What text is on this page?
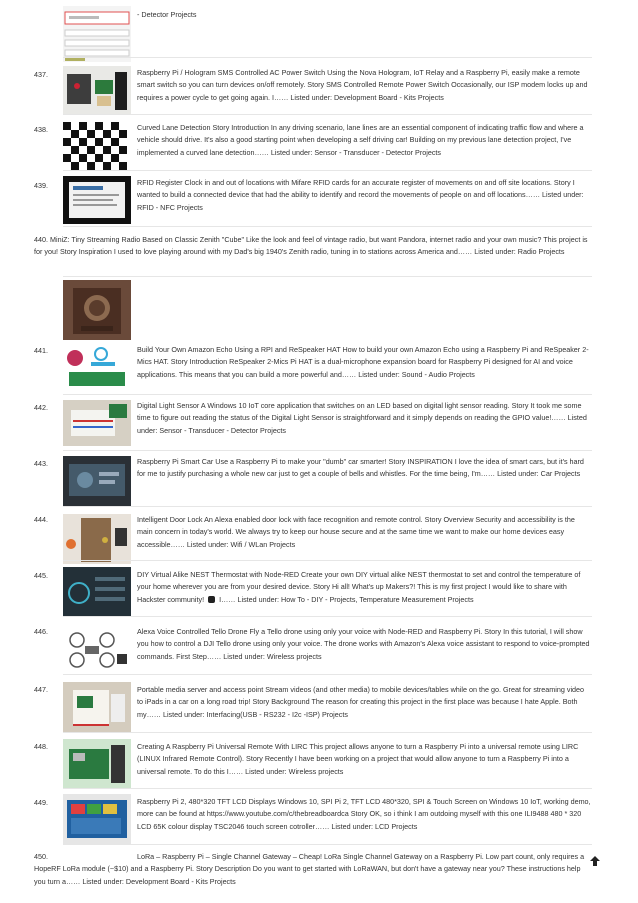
- Detector Projects
437.	Raspberry Pi / Hologram SMS Controlled AC Power Switch Using the Nova Hologram, IoT Relay and a Raspberry Pi, easily make a remote smart switch so you can turn devices on/off remotely. Story SMS Controlled Remote Power Switch Occasionally, our ISP modem locks up and requires a power cycle to get going again. I…… Listed under: Development Board - Kits Projects
438.	Curved Lane Detection Story Introduction In any driving scenario, lane lines are an essential component of indicating traffic flow and where a vehicle should drive. It's also a good starting point when developing a self driving car! Building on my previous lane detection project, I've implemented a curved lane detection…… Listed under: Sensor - Transducer - Detector Projects
439.	RFID Register Clock in and out of locations with Mifare RFID cards for an accurate register of movements on and off site locations. Story I wanted to build a connected device that had the ability to identify and record the movements of people on and off locations…… Listed under: RFID - NFC Projects
440. MiniZ: Tiny Streaming Radio Based on Classic Zenith "Cube" Like the look and feel of vintage radio, but want Pandora, internet radio and your own music? This project is for you! Story Inspiration I used to love playing around with my Dad's big 1940's Zenith radio, tuning in to stations across America and…… Listed under: Radio Projects
441.	Build Your Own Amazon Echo Using a RPI and ReSpeaker HAT How to build your own Amazon Echo using a Raspberry Pi and ReSpeaker 2-Mics HAT. Story Introduction ReSpeaker 2-Mics Pi HAT is a dual-microphone expansion board for Raspberry Pi designed for AI and voice applications. This means that you can build a more powerful and…… Listed under: Sound - Audio Projects
442.	Digital Light Sensor A Windows 10 IoT core application that switches on an LED based on digital light sensor reading. Story It took me some time to figure out reading the status of the Digital Light Sensor is straightforward and it simply depends on reading the GPIO value!…… Listed under: Sensor - Transducer - Detector Projects
443.	Raspberry Pi Smart Car Use a Raspberry Pi to make your "dumb" car smarter! Story INSPIRATION I love the idea of smart cars, but it's hard for me to justify purchasing a whole new car just to get a couple of bells and whistles. For the time being, I'm…… Listed under: Car Projects
444.	Intelligent Door Lock An Alexa enabled door lock with face recognition and remote control. Story Overview Security and accessibility is the main concern in today's world. We always try to keep our house secure and at the same time we want to make our home devices easy accessible…… Listed under: Wifi / WLan Projects
445.	DIY Virtual Alike NEST Thermostat with Node-RED Create your own DIY virtual alike NEST thermostat to set and control the temperature of your home wherever you are from your desired device. Story Hi all! What's up Makers?! This is my first project I would like to share with Hackster community!  I…… Listed under: How To - DIY - Projects, Temperature Measurement Projects
446.	Alexa Voice Controlled Tello Drone Fly a Tello drone using only your voice with Node-RED and Raspberry Pi. Story In this tutorial, I will show you how to control a DJI Tello drone using only your voice. The drone works with Amazon's Alexa voice assistant to respond to voice-prompted commands. First Step…… Listed under: Wireless projects
447.	Portable media server and access point Stream videos (and other media) to mobile devices/tables while on the go. Great for streaming video to iPads in a car on a long road trip! Story Background The reason for creating this project in the first place was because I hate Apple. Both my…… Listed under: Interfacing(USB - RS232 - I2c -ISP) Projects
448.	Creating A Raspberry Pi Universal Remote With LIRC This project allows anyone to turn a Raspberry Pi into a universal remote using LIRC (LINUX Infrared Remote Control). Story Recently I have been working on a project that would allow anyone to turn a Raspberry Pi into a universal remote. To do this I…… Listed under: Wireless projects
449.	Raspberry Pi 2, 480*320 TFT LCD Displays Windows 10, SPI Pi 2, TFT LCD 480*320, SPI & Touch Screen on Windows 10 IoT, working demo, more can be found at https://www.youtube.com/c/thebreadboardca Story OK, so i think I am outdoing myself with this one ILI9488 480 * 320 LCD 65K colour display TSC2046 touch screen cotroller…… Listed under: LCD Projects
450.	LoRa – Raspberry Pi – Single Channel Gateway – Cheap! LoRa Single Channel Gateway on a Raspberry Pi. Low part count, only requires a HopeRF LoRa module (~$10) and a Raspberry Pi. Story Description Do you want to get started with LoRaWAN, but don't have a gateway near you? These instructions help you turn a…… Listed under: Development Board - Kits Projects
